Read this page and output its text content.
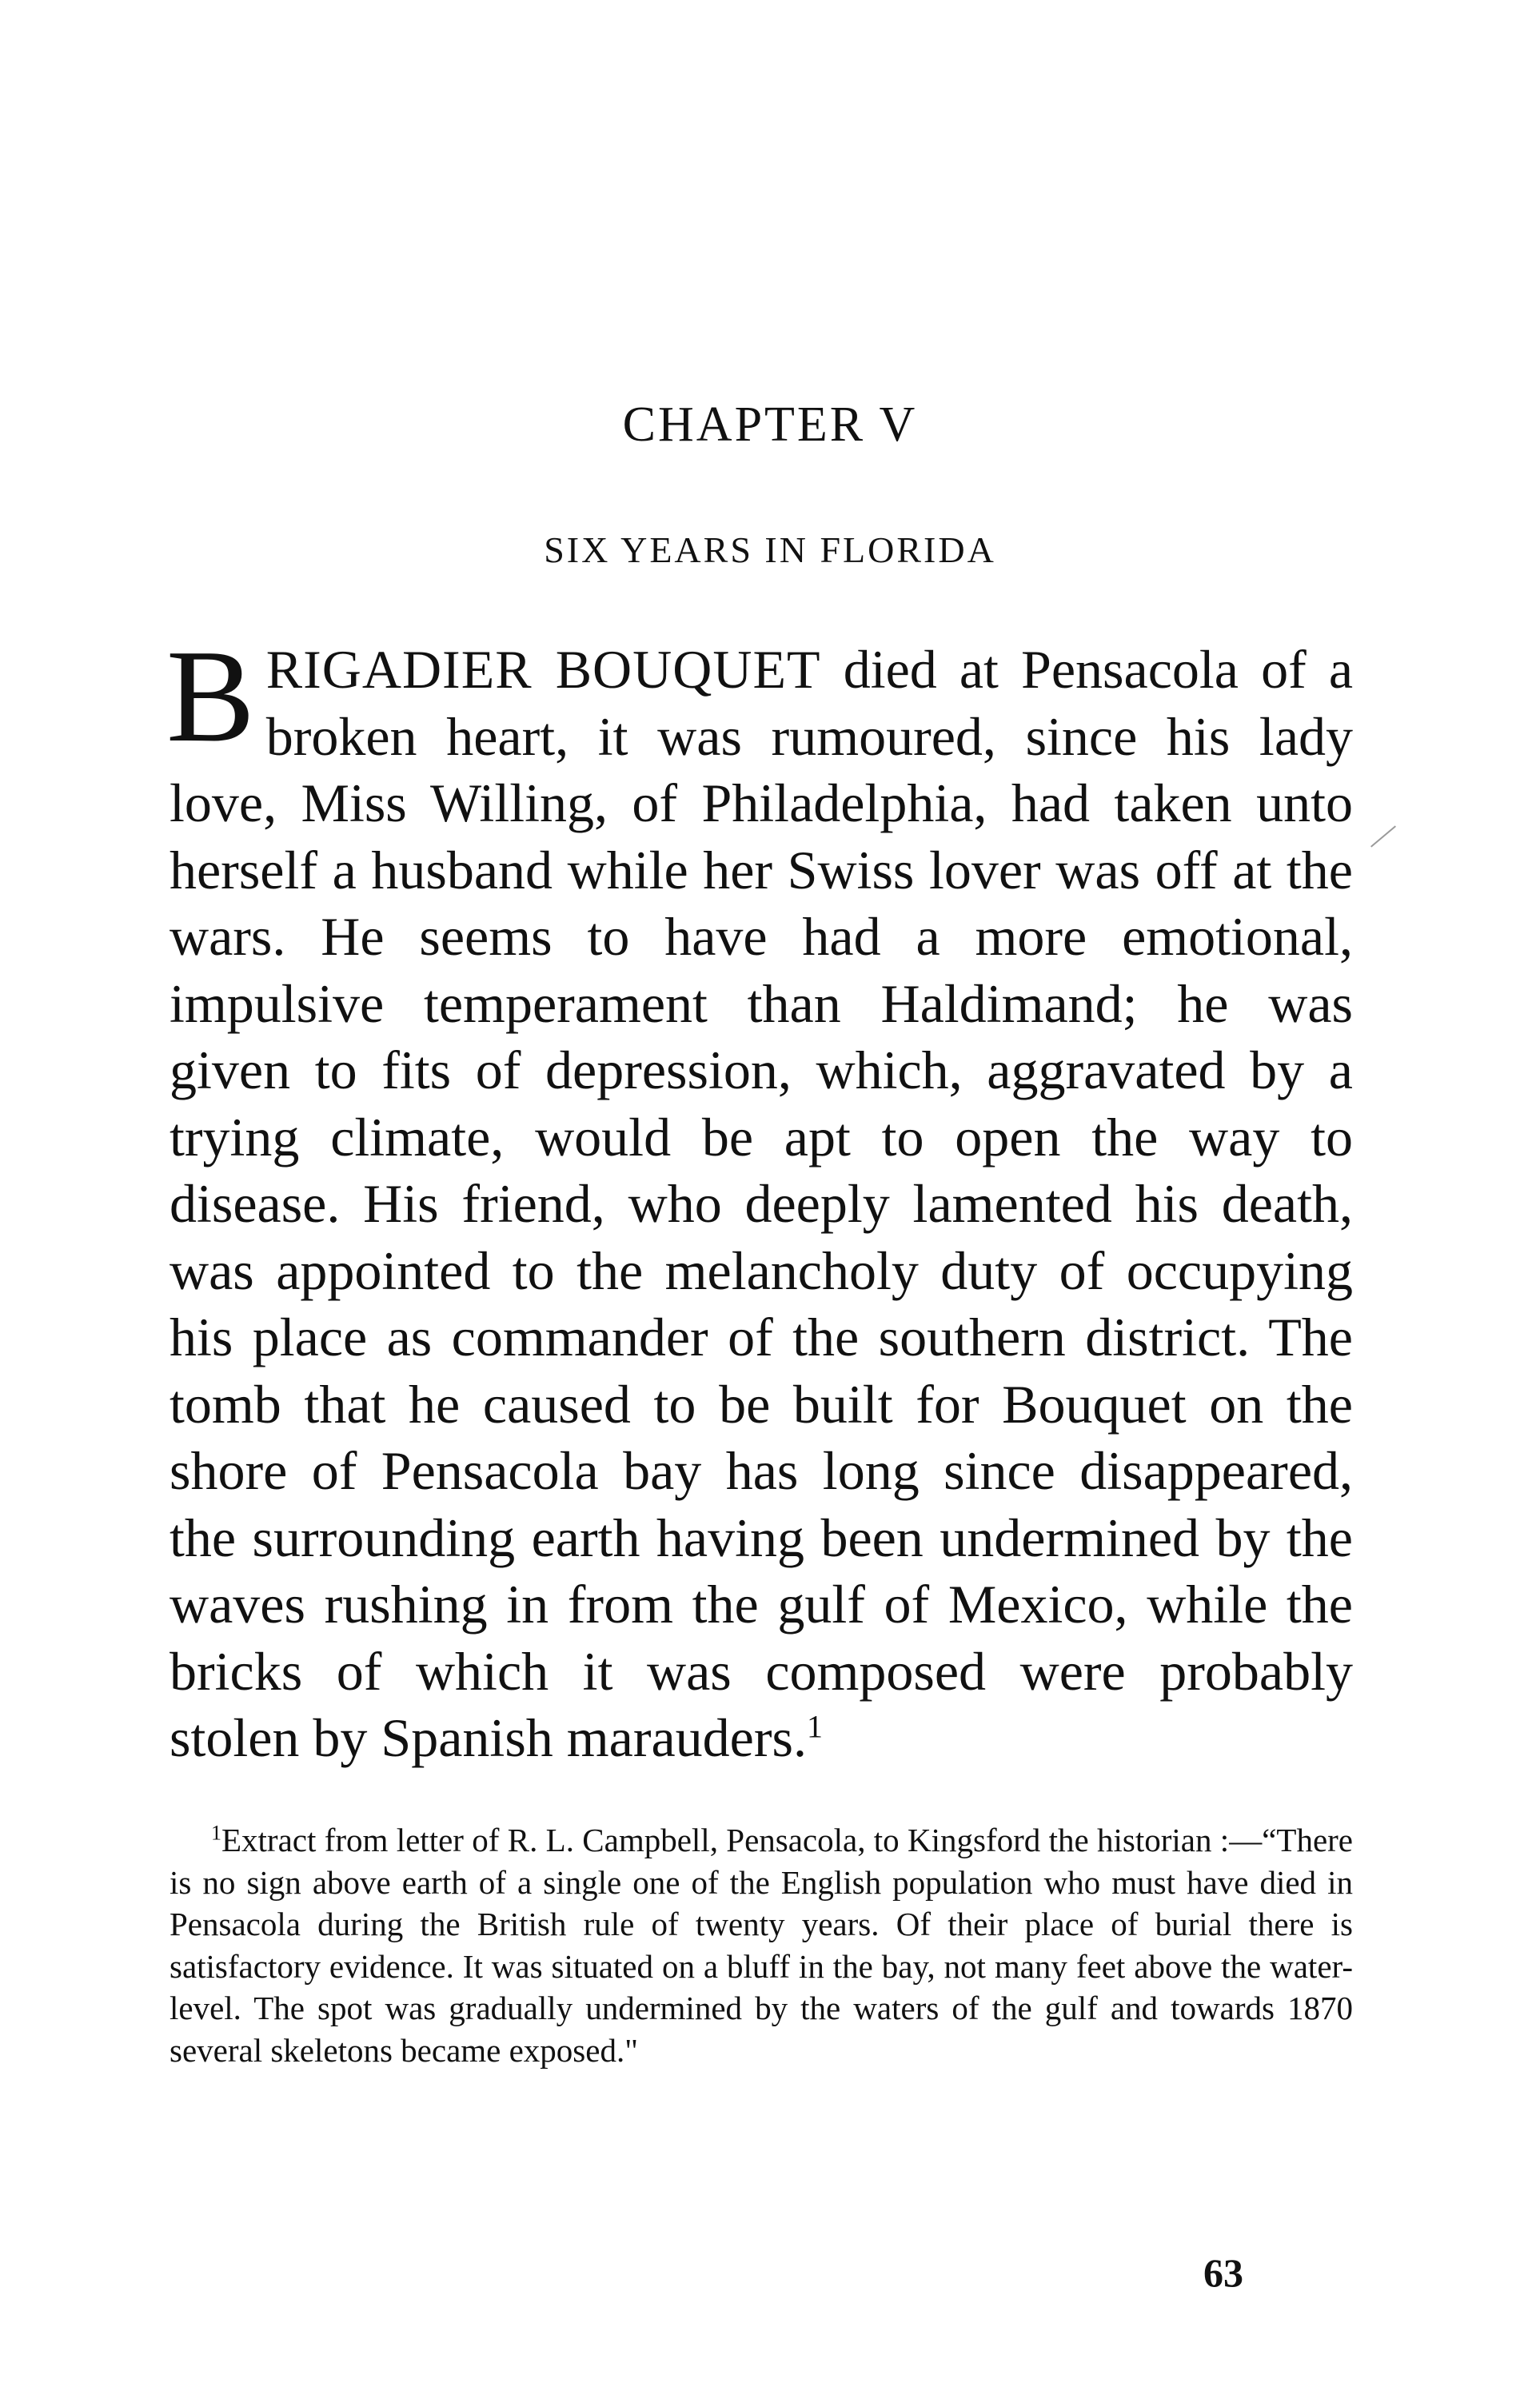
CHAPTER V
SIX YEARS IN FLORIDA

BRIGADIER BOUQUET died at Pensacola of a broken heart, it was rumoured, since his lady love, Miss Willing, of Philadelphia, had taken unto herself a husband while her Swiss lover was off at the wars. He seems to have had a more emotional, impulsive temperament than Haldimand; he was given to fits of depression, which, aggravated by a trying climate, would be apt to open the way to disease. His friend, who deeply lamented his death, was appointed to the melancholy duty of occupying his place as commander of the southern district. The tomb that he caused to be built for Bouquet on the shore of Pensacola bay has long since disappeared, the surrounding earth having been undermined by the waves rushing in from the gulf of Mexico, while the bricks of which it was composed were probably stolen by Spanish marauders.$^1$

$^1$Extract from letter of R. L. Campbell, Pensacola, to Kingsford the historian :—“There is no sign above earth of a single one of the English population who must have died in Pensacola during the British rule of twenty years. Of their place of burial there is satisfactory evidence. It was situated on a bluff in the bay, not many feet above the water-level. The spot was gradually undermined by the waters of the gulf and towards 1870 several skeletons became exposed."

63
